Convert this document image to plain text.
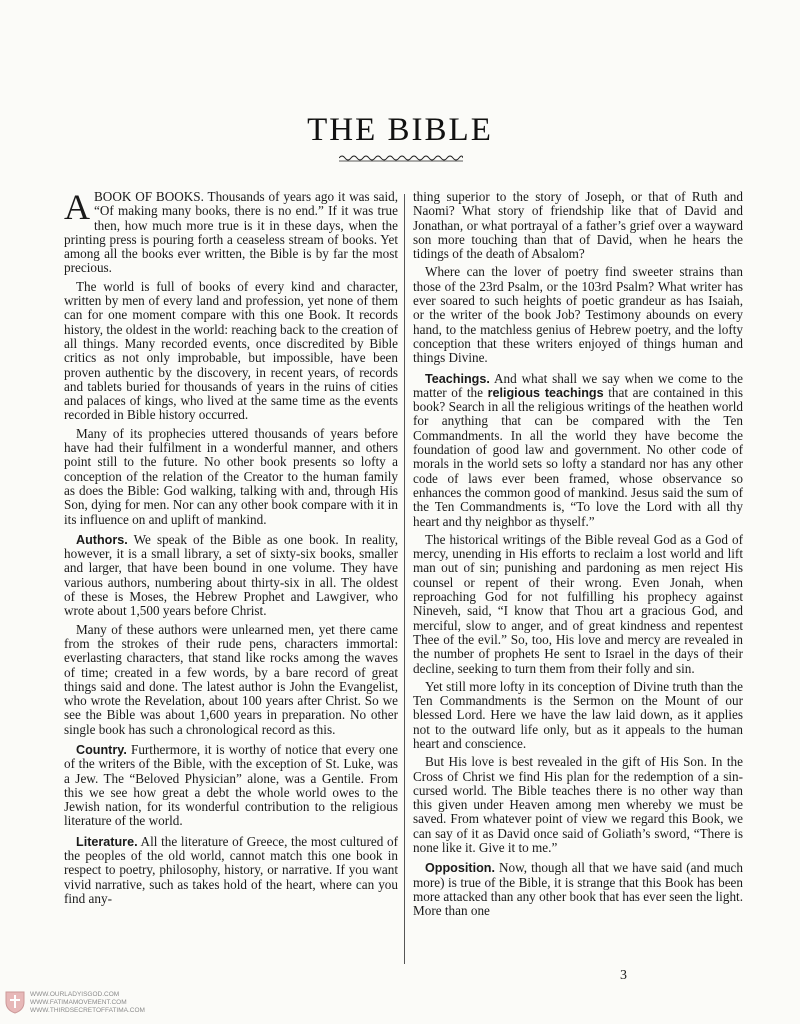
THE BIBLE

ABOOK OF BOOKS. Thousands of years ago it was said, “Of making many books, there is no end.” If it was true then, how much more true is it in these days, when the printing press is pouring forth a ceaseless stream of books. Yet among all the books ever written, the Bible is by far the most precious.

The world is full of books of every kind and character, written by men of every land and profession, yet none of them can for one moment compare with this one Book. It records history, the oldest in the world: reaching back to the creation of all things. Many recorded events, once discredited by Bible critics as not only improbable, but impossible, have been proven authentic by the discovery, in recent years, of records and tablets buried for thousands of years in the ruins of cities and palaces of kings, who lived at the same time as the events recorded in Bible history occurred.

Many of its prophecies uttered thousands of years before have had their fulfilment in a wonderful manner, and others point still to the future. No other book presents so lofty a conception of the relation of the Creator to the human family as does the Bible: God walking, talking with and, through His Son, dying for men. Nor can any other book compare with it in its influence on and uplift of mankind.

Authors. We speak of the Bible as one book. In reality, however, it is a small library, a set of sixty-six books, smaller and larger, that have been bound in one volume. They have various authors, numbering about thirty-six in all. The oldest of these is Moses, the Hebrew Prophet and Lawgiver, who wrote about 1,500 years before Christ.

Many of these authors were unlearned men, yet there came from the strokes of their rude pens, characters immortal: everlasting characters, that stand like rocks among the waves of time; created in a few words, by a bare record of great things said and done. The latest author is John the Evangelist, who wrote the Revelation, about 100 years after Christ. So we see the Bible was about 1,600 years in preparation. No other single book has such a chronological record as this.

Country. Furthermore, it is worthy of notice that every one of the writers of the Bible, with the exception of St. Luke, was a Jew. The “Beloved Physician” alone, was a Gentile. From this we see how great a debt the whole world owes to the Jewish nation, for its wonderful contribution to the religious literature of the world.

Literature. All the literature of Greece, the most cultured of the peoples of the old world, cannot match this one book in respect to poetry, philosophy, history, or narrative. If you want vivid narrative, such as takes hold of the heart, where can you find any-

thing superior to the story of Joseph, or that of Ruth and Naomi? What story of friendship like that of David and Jonathan, or what portrayal of a father’s grief over a wayward son more touching than that of David, when he hears the tidings of the death of Absalom?

Where can the lover of poetry find sweeter strains than those of the 23rd Psalm, or the 103rd Psalm? What writer has ever soared to such heights of poetic grandeur as has Isaiah, or the writer of the book Job? Testimony abounds on every hand, to the matchless genius of Hebrew poetry, and the lofty conception that these writers enjoyed of things human and things Divine.

Teachings. And what shall we say when we come to the matter of the religious teachings that are contained in this book? Search in all the religious writings of the heathen world for anything that can be compared with the Ten Commandments. In all the world they have become the foundation of good law and government. No other code of morals in the world sets so lofty a standard nor has any other code of laws ever been framed, whose observance so enhances the common good of mankind. Jesus said the sum of the Ten Commandments is, “To love the Lord with all thy heart and thy neighbor as thyself.”

The historical writings of the Bible reveal God as a God of mercy, unending in His efforts to reclaim a lost world and lift man out of sin; punishing and pardoning as men reject His counsel or repent of their wrong. Even Jonah, when reproaching God for not fulfilling his prophecy against Nineveh, said, “I know that Thou art a gracious God, and merciful, slow to anger, and of great kindness and repentest Thee of the evil.” So, too, His love and mercy are revealed in the number of prophets He sent to Israel in the days of their decline, seeking to turn them from their folly and sin.

Yet still more lofty in its conception of Divine truth than the Ten Commandments is the Sermon on the Mount of our blessed Lord. Here we have the law laid down, as it applies not to the outward life only, but as it appeals to the human heart and conscience.

But His love is best revealed in the gift of His Son. In the Cross of Christ we find His plan for the redemption of a sin-cursed world. The Bible teaches there is no other way than this given under Heaven among men whereby we must be saved. From whatever point of view we regard this Book, we can say of it as David once said of Goliath’s sword, “There is none like it. Give it to me.”

Opposition. Now, though all that we have said (and much more) is true of the Bible, it is strange that this Book has been more attacked than any other book that has ever seen the light. More than one

3
WWW.OURLADYISGOD.COM
WWW.FATIMAMOVEMENT.COM
WWW.THIRDSECRETOFFATIMA.COM
